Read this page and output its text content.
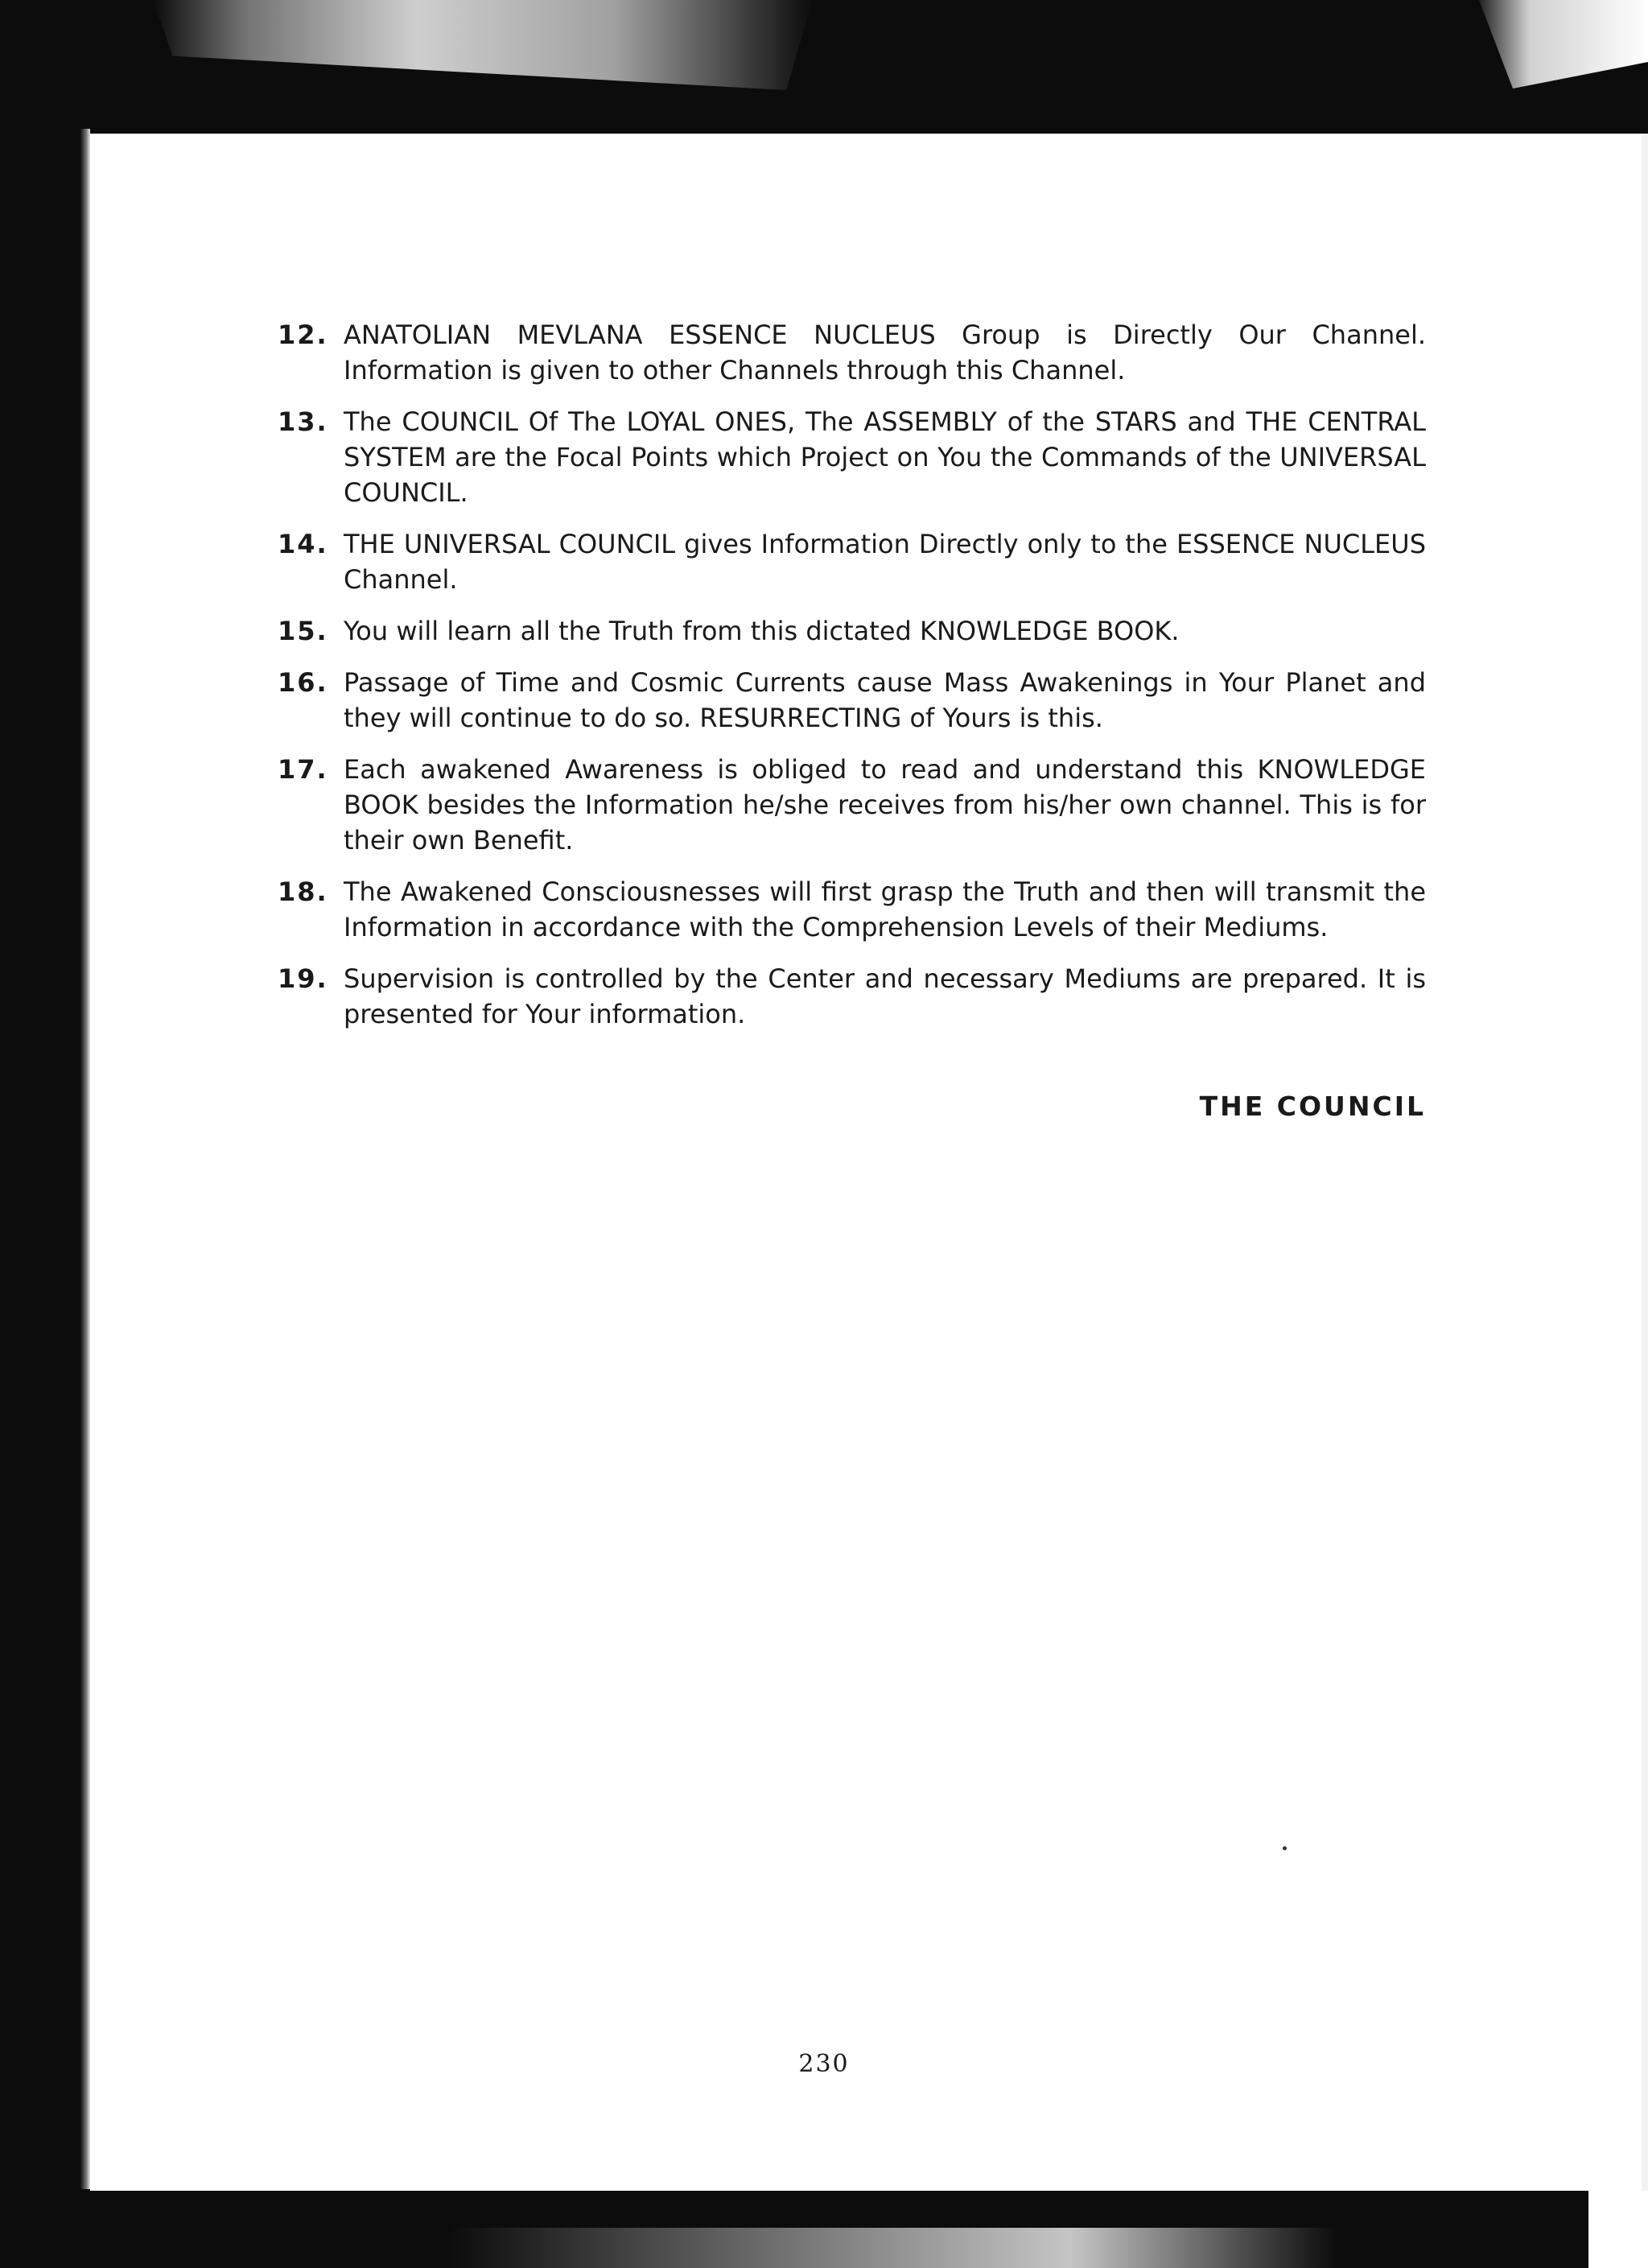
12. ANATOLIAN MEVLANA ESSENCE NUCLEUS Group is Directly Our Channel. Information is given to other Channels through this Channel.
13. The COUNCIL Of The LOYAL ONES, The ASSEMBLY of the STARS and THE CENTRAL SYSTEM are the Focal Points which Project on You the Commands of the UNIVERSAL COUNCIL.
14. THE UNIVERSAL COUNCIL gives Information Directly only to the ESSENCE NUCLEUS Channel.
15. You will learn all the Truth from this dictated KNOWLEDGE BOOK.
16. Passage of Time and Cosmic Currents cause Mass Awakenings in Your Planet and they will continue to do so. RESURRECTING of Yours is this.
17. Each awakened Awareness is obliged to read and understand this KNOWLEDGE BOOK besides the Information he/she receives from his/her own channel. This is for their own Benefit.
18. The Awakened Consciousnesses will first grasp the Truth and then will transmit the Information in accordance with the Comprehension Levels of their Mediums.
19. Supervision is controlled by the Center and necessary Mediums are prepared. It is presented for Your information.
THE COUNCIL
230
